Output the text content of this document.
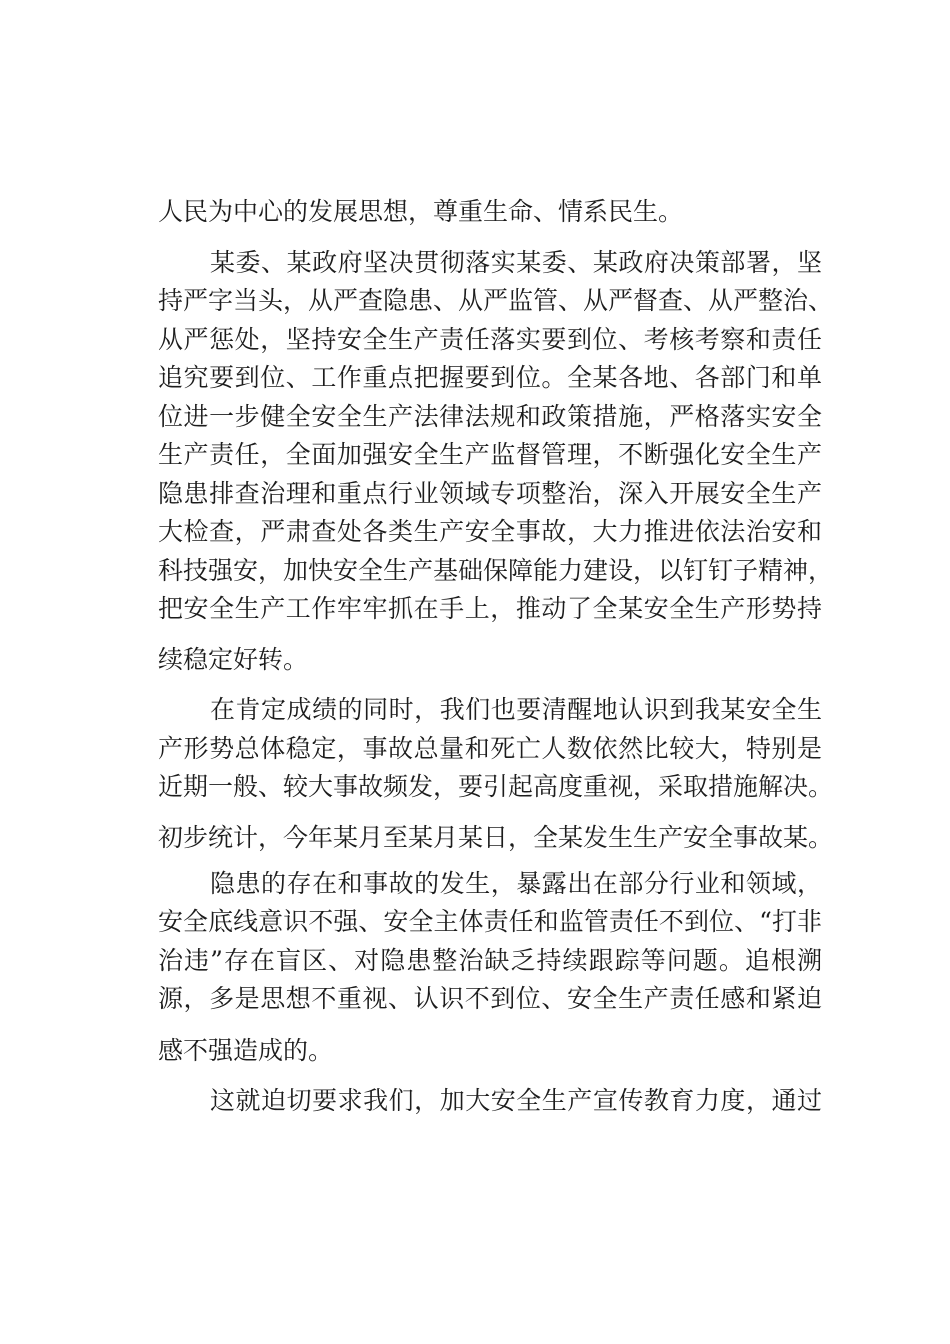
人民为中心的发展思想，尊重生命、情系民生。
某委、某政府坚决贯彻落实某委、某政府决策部署，坚
持严字当头，从严查隐患、从严监管、从严督查、从严整治、
从严惩处，坚持安全生产责任落实要到位、考核考察和责任
追究要到位、工作重点把握要到位。全某各地、各部门和单
位进一步健全安全生产法律法规和政策措施，严格落实安全
生产责任，全面加强安全生产监督管理，不断强化安全生产
隐患排查治理和重点行业领域专项整治，深入开展安全生产
大检查，严肃查处各类生产安全事故，大力推进依法治安和
科技强安，加快安全生产基础保障能力建设，以钉钉子精神，
把安全生产工作牢牢抓在手上，推动了全某安全生产形势持
续稳定好转。
在肯定成绩的同时，我们也要清醒地认识到我某安全生
产形势总体稳定，事故总量和死亡人数依然比较大，特别是
近期一般、较大事故频发，要引起高度重视，采取措施解决。
初步统计，今年某月至某月某日，全某发生生产安全事故某。
隐患的存在和事故的发生，暴露出在部分行业和领域，
安全底线意识不强、安全主体责任和监管责任不到位、“打非
治违”存在盲区、对隐患整治缺乏持续跟踪等问题。追根溯
源，多是思想不重视、认识不到位、安全生产责任感和紧迫
感不强造成的。
这就迫切要求我们，加大安全生产宣传教育力度，通过
